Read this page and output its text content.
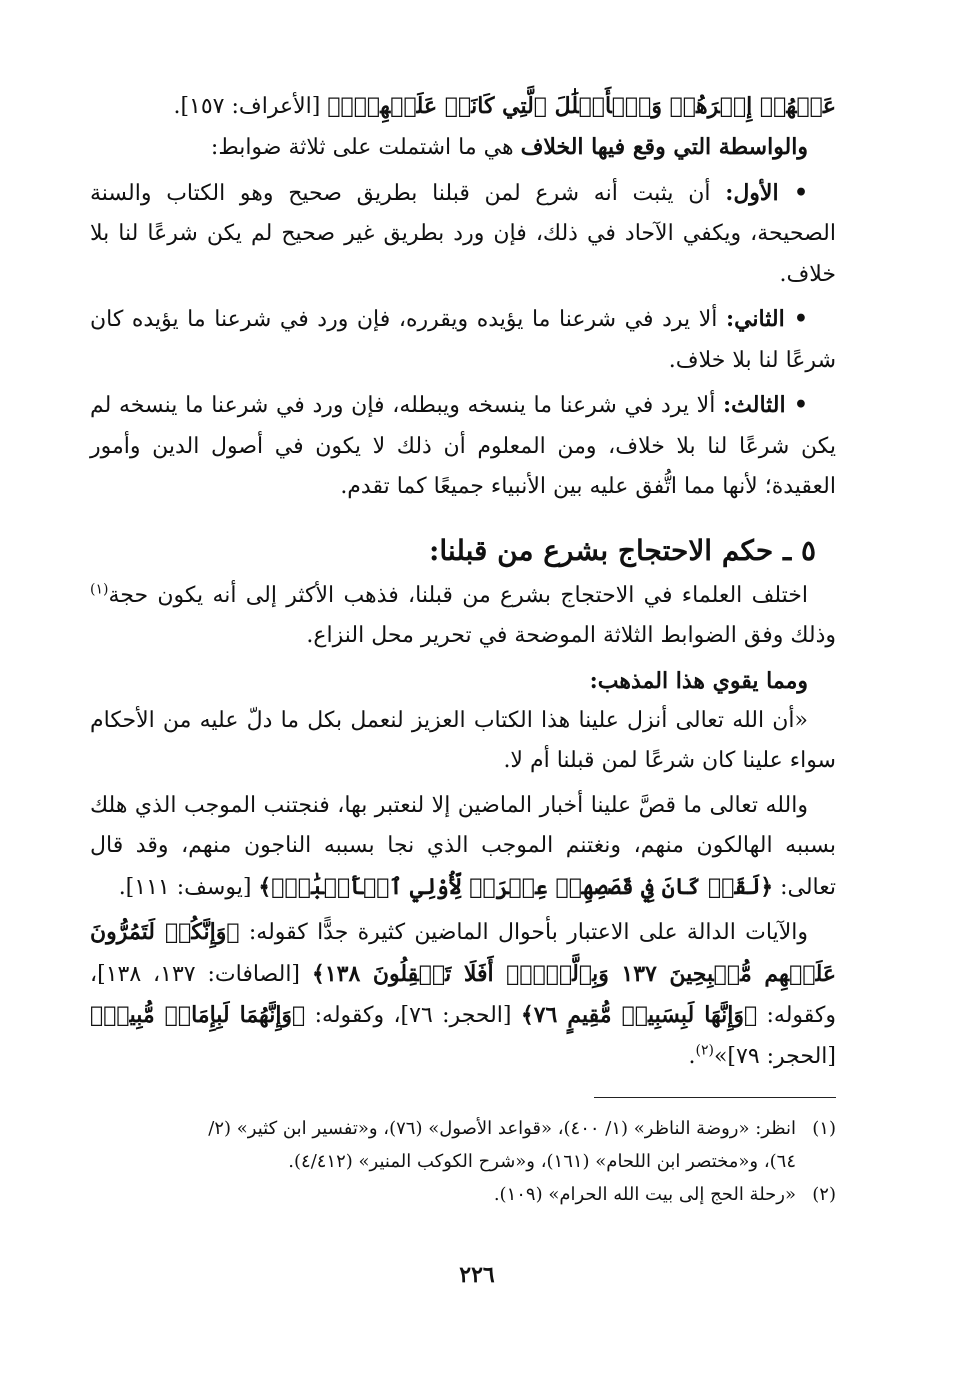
عَنۡهُمۡ إِصۡرَهُمۡ وَٱلۡأَغۡلَٰلَ ٱلَّتِي كَانَتۡ عَلَيۡهِمۡۚ﴾ [الأعراف: ١٥٧].

والواسطة التي وقع فيها الخلاف هي ما اشتملت على ثلاثة ضوابط:

• الأول: أن يثبت أنه شرع لمن قبلنا بطريق صحيح وهو الكتاب والسنة الصحيحة، ويكفي الآحاد في ذلك، فإن ورد بطريق غير صحيح لم يكن شرعًا لنا بلا خلاف.

• الثاني: ألا يرد في شرعنا ما يؤيده ويقرره، فإن ورد في شرعنا ما يؤيده كان شرعًا لنا بلا خلاف.

• الثالث: ألا يرد في شرعنا ما ينسخه ويبطله، فإن ورد في شرعنا ما ينسخه لم يكن شرعًا لنا بلا خلاف، ومن المعلوم أن ذلك لا يكون في أصول الدين وأمور العقيدة؛ لأنها مما اتُّفق عليه بين الأنبياء جميعًا كما تقدم.

٥ ـ حكم الاحتجاج بشرع من قبلنا:

اختلف العلماء في الاحتجاج بشرع من قبلنا، فذهب الأكثر إلى أنه يكون حجة$^{(١)}$ وذلك وفق الضوابط الثلاثة الموضحة في تحرير محل النزاع.

ومما يقوي هذا المذهب:

«أن الله تعالى أنزل علينا هذا الكتاب العزيز لنعمل بكل ما دلّ عليه من الأحكام سواء علينا كان شرعًا لمن قبلنا أم لا.

والله تعالى ما قصَّ علينا أخبار الماضين إلا لنعتبر بها، فنجتنب الموجب الذي هلك بسببه الهالكون منهم، ونغتنم الموجب الذي نجا بسببه الناجون منهم، وقد قال تعالى: ﴿لَقَدۡ كَانَ فِي قَصَصِهِمۡ عِبۡرَةٞ لِّأُوْلِي ٱلۡأَلۡبَٰبِۗ﴾ [يوسف: ١١١].

والآيات الدالة على الاعتبار بأحوال الماضين كثيرة جدًّا كقوله: ﴿وَإِنَّكُمۡ لَتَمُرُّونَ عَلَيۡهِم مُّصۡبِحِينَ ١٣٧ وَبِٱلَّيۡلِۚ أَفَلَا تَعۡقِلُونَ ١٣٨﴾ [الصافات: ١٣٧، ١٣٨]، وكقوله: ﴿وَإِنَّهَا لَبِسَبِيلٖ مُّقِيمٍ ٧٦﴾ [الحجر: ٧٦]، وكقوله: ﴿وَإِنَّهُمَا لَبِإِمَامٖ مُّبِينٖ﴾ [الحجر: ٧٩]»$^{(٢)}$.

(١)انظر: «روضة الناظر» (١/ ٤٠٠)، «قواعد الأصول» (٧٦)، و«تفسير ابن كثير» (٢/

٦٤)، و«مختصر ابن اللحام» (١٦١)، و«شرح الكوكب المنير» (٤/٤١٢).

(٢)«رحلة الحج إلى بيت الله الحرام» (١٠٩).

٢٢٦
